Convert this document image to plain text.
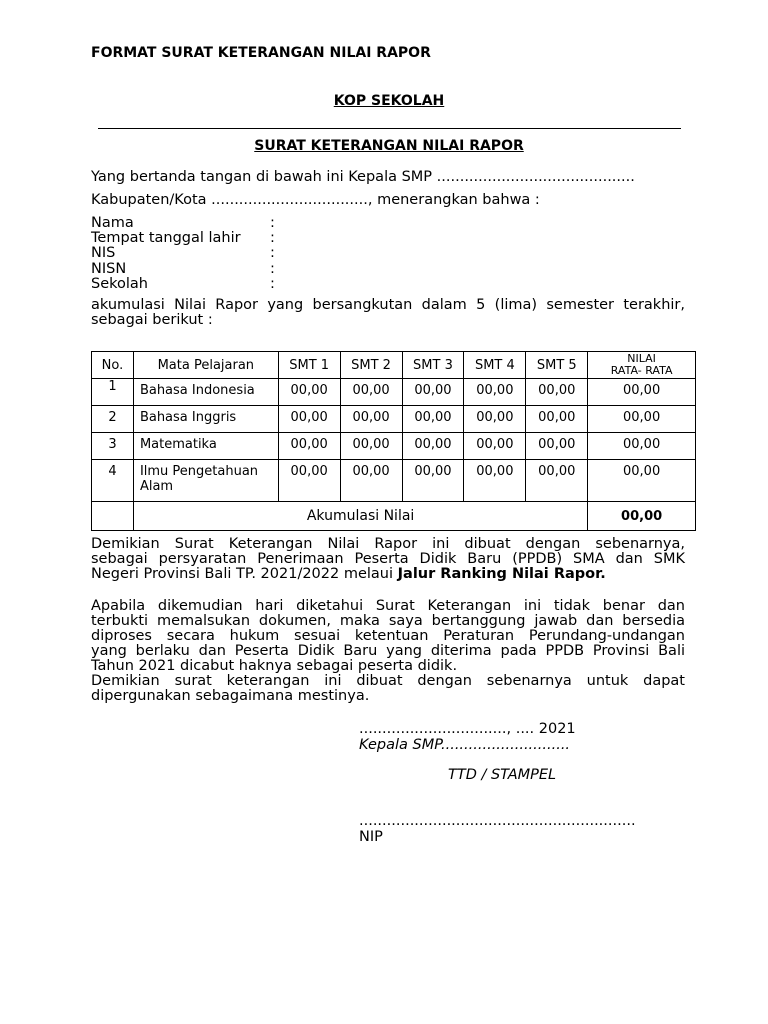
FORMAT SURAT KETERANGAN NILAI RAPOR
KOP SEKOLAH
SURAT KETERANGAN NILAI RAPOR
Yang bertanda tangan di bawah ini Kepala SMP ...........................................
Kabupaten/Kota .................................., menerangkan bahwa :
Nama	:
Tempat tanggal lahir :
NIS	:
NISN	:
Sekolah	:
akumulasi Nilai Rapor yang bersangkutan dalam 5 (lima) semester terakhir,
sebagai berikut :
No.	Mata Pelajaran	SMT 1	SMT 2	SMT 3	SMT 4	SMT 5	NILAI
RATA- RATA
1	Bahasa Indonesia	00,00	00,00	00,00	00,00	00,00	00,00
2	Bahasa Inggris	00,00	00,00	00,00	00,00	00,00	00,00
3	Matematika	00,00	00,00	00,00	00,00	00,00	00,00
4	Ilmu Pengetahuan
Alam	00,00	00,00	00,00	00,00	00,00	00,00
	Akumulasi Nilai						00,00
Demikian Surat Keterangan Nilai Rapor ini dibuat dengan sebenarnya,
sebagai persyaratan Penerimaan Peserta Didik Baru (PPDB) SMA dan SMK
Negeri Provinsi Bali TP. 2021/2022 melaui Jalur Ranking Nilai Rapor.
Apabila dikemudian hari diketahui Surat Keterangan ini tidak benar dan
terbukti memalsukan dokumen, maka saya bertanggung jawab dan bersedia
diproses secara hukum sesuai ketentuan Peraturan Perundang-undangan
yang berlaku dan Peserta Didik Baru yang diterima pada PPDB Provinsi Bali
Tahun 2021 dicabut haknya sebagai peserta didik.
Demikian surat keterangan ini dibuat dengan sebenarnya untuk dapat
dipergunakan sebagaimana mestinya.
................................, .... 2021
Kepala SMP............................
TTD / STAMPEL
............................................................
NIP
